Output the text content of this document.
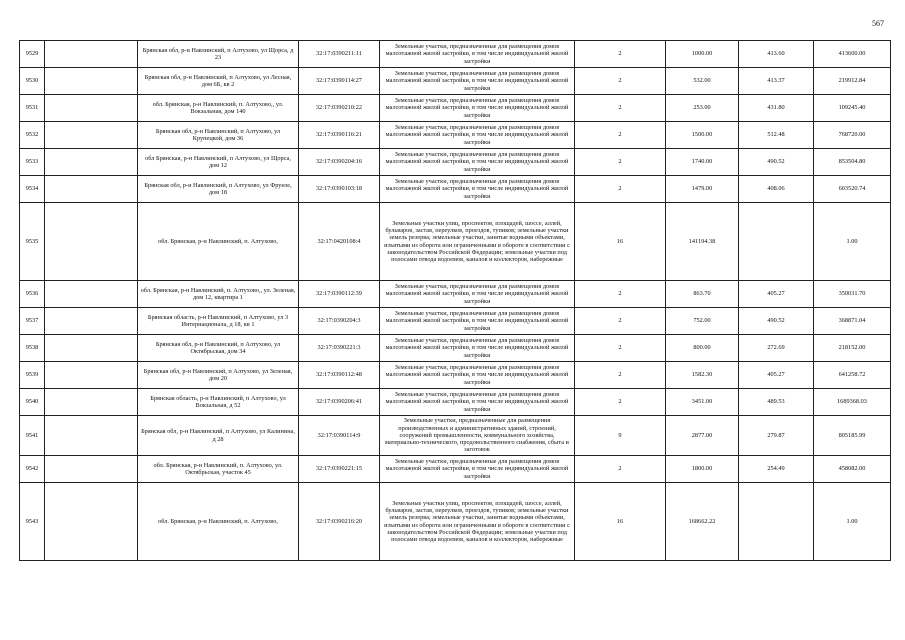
567
9529		Брянская обл, р-н Навлинский, п Алтухово, ул Щорса, д 23	32:17:0390211:11	Земельные участки, предназначенные для размещения домов малоэтажной жилой застройки, в том числе индивидуальной жилой застройки	2	1000.00	413.60	413600.00
9530		Брянская обл, р-н Навлинский, п Алтухово, ул Лесная, дом 6Б, кв 2	32:17:0390114:27	Земельные участки, предназначенные для размещения домов малоэтажной жилой застройки, в том числе индивидуальной жилой застройки	2	532.00	413.37	219912.84
9531		обл. Брянская, р-н Навлинский, п. Алтухово,, ул. Вокзальная, дом 140	32:17:0390210:22	Земельные участки, предназначенные для размещения домов малоэтажной жилой застройки, в том числе индивидуальной жилой застройки	2	253.00	431.80	109245.40
9532		Брянская обл, р-н Навлинский, п Алтухово, ул Крупецкой, дом 36	32:17:0390116:21	Земельные участки, предназначенные для размещения домов малоэтажной жилой застройки, в том числе индивидуальной жилой застройки	2	1500.00	512.48	768720.00
9533		обл Брянская, р-н Навлинский, п Алтухово, ул Щорса, дом 12	32:17:0390204:16	Земельные участки, предназначенные для размещения домов малоэтажной жилой застройки, в том числе индивидуальной жилой застройки	2	1740.00	490.52	853504.80
9534		Брянская обл, р-н Навлинский, п Алтухово, ул Фрунзе, дом 18	32:17:0390103:18	Земельные участки, предназначенные для размещения домов малоэтажной жилой застройки, в том числе индивидуальной жилой застройки	2	1479.00	408.06	603520.74
9535		обл. Брянская, р-н Навлинский, п. Алтухово,	32:17:0420108:4	Земельные участки улиц, проспектов, площадей, шоссе, аллей, бульваров, застав, переулков, проездов, тупиков; земельные участки земель резерва; земельные участки, занятые водными объектами, изъятыми из оборота или ограниченными в обороте в соответствии с законодательством Российской Федерации; земельные участки под полосами отвода водоемов, каналов и коллекторов, набережные	16	141194.38		1.00
9536		обл. Брянская, р-н Навлинский, п. Алтухово,, ул. Зеленая, дом 12, квартира 1	32:17:0390112:39	Земельные участки, предназначенные для размещения домов малоэтажной жилой застройки, в том числе индивидуальной жилой застройки	2	863.70	405.27	350031.70
9537		Брянская область, р-н Навлинский, п Алтухово, ул 3 Интернационала, д 18, кв 1	32:17:0390204:3	Земельные участки, предназначенные для размещения домов малоэтажной жилой застройки, в том числе индивидуальной жилой застройки	2	752.00	490.52	368871.04
9538		Брянская обл, р-н Навлинский, п Алтухово, ул Октябрьская, дом 34	32:17:0390221:3	Земельные участки, предназначенные для размещения домов малоэтажной жилой застройки, в том числе индивидуальной жилой застройки	2	800.00	272.69	218152.00
9539		Брянская обл, р-н Навлинский, п Алтухово, ул Зеленая, дом 20	32:17:0390112:48	Земельные участки, предназначенные для размещения домов малоэтажной жилой застройки, в том числе индивидуальной жилой застройки	2	1582.30	405.27	641258.72
9540		Брянская область, р-н Навлинский, п Алтухово, ул Вокзальная, д 52	32:17:0390206:41	Земельные участки, предназначенные для размещения домов малоэтажной жилой застройки, в том числе индивидуальной жилой застройки	2	3451.00	489.53	1689368.03
9541		Брянская обл, р-н Навлинский, п Алтухово, ул Калинина, д 28	32:17:0390114:9	Земельные участки, предназначенные для размещения производственных и административных зданий, строений, сооружений промышленности, коммунального хозяйства, материально-технического, продовольственного снабжения, сбыта и заготовок	9	2877.00	279.87	805185.99
9542		обл. Брянская, р-н Навлинский, п. Алтухово, ул. Октябрьская, участок 45	32:17:0390221:15	Земельные участки, предназначенные для размещения домов малоэтажной жилой застройки, в том числе индивидуальной жилой застройки	2	1800.00	254.49	458082.00
9543		обл. Брянская, р-н Навлинский, п. Алтухово,	32:17:0390216:20	Земельные участки улиц, проспектов, площадей, шоссе, аллей, бульваров, застав, переулков, проездов, тупиков; земельные участки земель резерва; земельные участки, занятые водными объектами, изъятыми из оборота или ограниченными в обороте в соответствии с законодательством Российской Федерации; земельные участки под полосами отвода водоемов, каналов и коллекторов, набережные	16	168662.22		1.00
